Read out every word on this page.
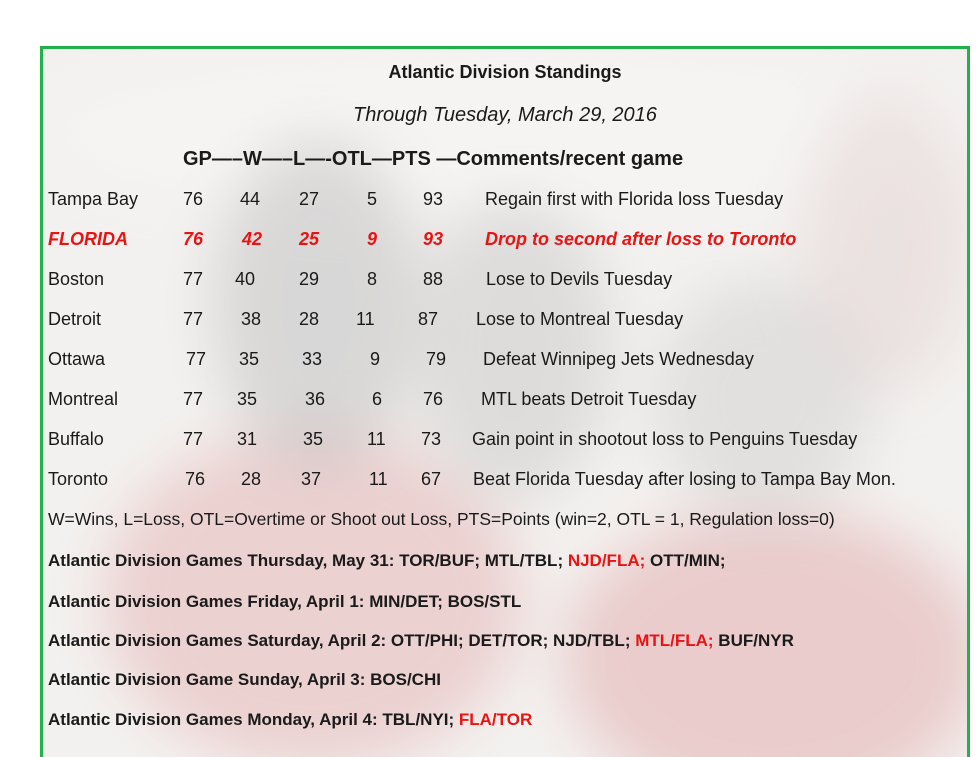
Atlantic Division Standings
Through Tuesday, March 29, 2016
GP—–W—–L—-OTL—PTS —Comments/recent game
Tampa Bay 76 44 27	5	93 Regain first with Florida loss Tuesday
FLORIDA	76 42 25	9	93 Drop to second after loss to Toronto
Boston	77 40 29	8	88 Lose to Devils Tuesday
Detroit	77 38 28 11 87 Lose to Montreal Tuesday
Ottawa	77 35 33	9	79 Defeat Winnipeg Jets Wednesday
Montreal	77 35	36	6 76 MTL beats Detroit Tuesday
Buffalo	77 31	35 11 73 Gain point in shootout loss to Penguins Tuesday
Toronto	76 28 37	11 67 Beat Florida Tuesday after losing to Tampa Bay Mon.
W=Wins, L=Loss, OTL=Overtime or Shoot out Loss, PTS=Points (win=2, OTL = 1, Regulation loss=0)
Atlantic Division Games Thursday, May 31: TOR/BUF; MTL/TBL; NJD/FLA; OTT/MIN;
Atlantic Division Games Friday, April 1: MIN/DET; BOS/STL
Atlantic Division Games Saturday, April 2: OTT/PHI; DET/TOR; NJD/TBL; MTL/FLA; BUF/NYR
Atlantic Division Game Sunday, April 3: BOS/CHI
Atlantic Division Games Monday, April 4: TBL/NYI; FLA/TOR
